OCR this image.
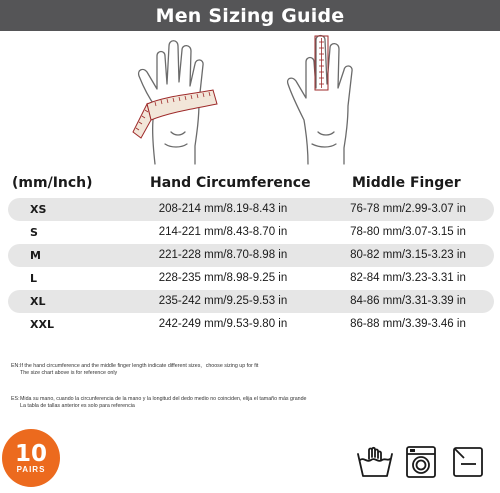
Men Sizing Guide
(mm/Inch)	Hand Circumference	Middle Finger
XS	208-214 mm/8.19-8.43 in	76-78 mm/2.99-3.07 in
S	214-221 mm/8.43-8.70 in	78-80 mm/3.07-3.15 in
M	221-228 mm/8.70-8.98 in	80-82 mm/3.15-3.23 in
L	228-235 mm/8.98-9.25 in	82-84 mm/3.23-3.31 in
XL	235-242 mm/9.25-9.53 in	84-86 mm/3.31-3.39 in
XXL	242-249 mm/9.53-9.80 in	86-88 mm/3.39-3.46 in
EN: If the hand circumference and the middle finger length indicate different sizes，choose sizing up for fit
The size chart above is for reference only
ES: Mida su mano, cuando la circunferencia de la mano y la longitud del dedo medio no coinciden, elija el tamaño más grande
La tabla de tallas anterior es solo para referencia
10
PAIRS
